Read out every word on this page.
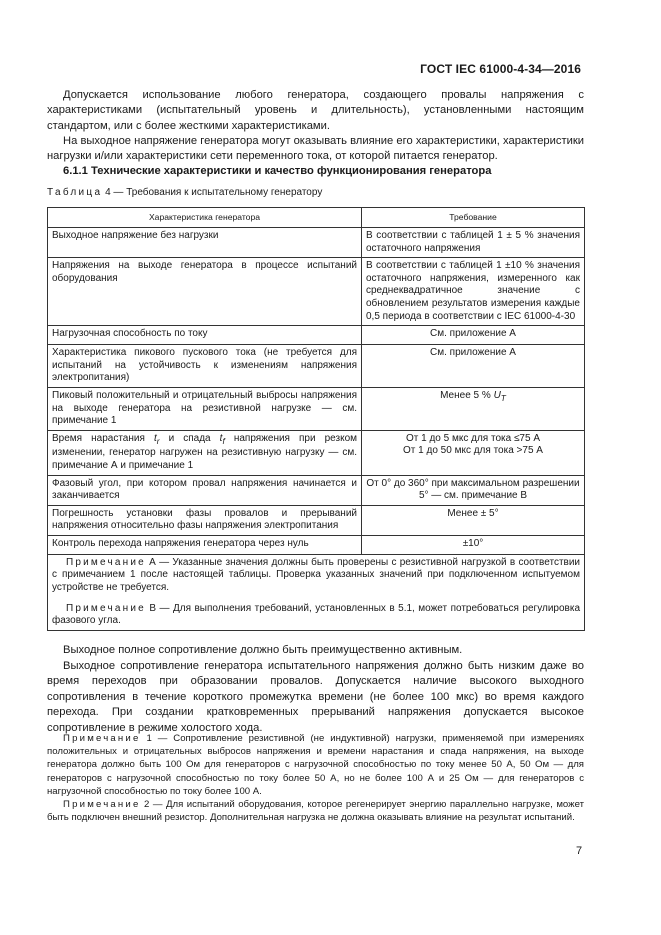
ГОСТ IEC 61000-4-34—2016

Допускается использование любого генератора, создающего провалы напряжения с характеристиками (испытательный уровень и длительность), установленными настоящим стандартом, или с более жесткими характеристиками.

На выходное напряжение генератора могут оказывать влияние его характеристики, характеристики нагрузки и/или характеристики сети переменного тока, от которой питается генератор.

6.1.1 Технические характеристики и качество функционирования генератора

Таблица 4 — Требования к испытательному генератору
Характеристика генератора	Требование
Выходное напряжение без нагрузки	В соответствии с таблицей 1 ± 5 % значения остаточного напряжения
Напряжения на выходе генератора в процессе испытаний оборудования	В соответствии с таблицей 1 ±10 % значения остаточного напряжения, измеренного как среднеквадратичное значение с обновлением результатов измерения каждые 0,5 периода в соответствии с IEC 61000-4-30
Нагрузочная способность по току	См. приложение А
Характеристика пикового пускового тока (не требуется для испытаний на устойчивость к изменениям напряжения электропитания)	См. приложение А
Пиковый положительный и отрицательный выбросы напряжения на выходе генератора на резистивной нагрузке — см. примечание 1	Менее 5 % $U_T$
Время нарастания $t_r$ и спада $t_f$ напряжения при резком изменении, генератор нагружен на резистивную нагрузку — см. примечание А и примечание 1	От 1 до 5 мкс для тока ≤75 А
От 1 до 50 мкс для тока >75 А

Фазовый угол, при котором провал напряжения начинается и заканчивается	От 0° до 360° при максимальном разрешении 5° — см. примечание В
Погрешность установки фазы провалов и прерываний напряжения относительно фазы напряжения электропитания	Менее ± 5°
Контроль перехода напряжения генератора через нуль	±10°

Примечание А — Указанные значения должны быть проверены с резистивной нагрузкой в соответствии с примечанием 1 после настоящей таблицы. Проверка указанных значений при подключенном испытуемом устройстве не требуется.
Примечание В — Для выполнения требований, установленных в 5.1, может потребоваться регулировка фазового угла.	

Выходное полное сопротивление должно быть преимущественно активным.

Выходное сопротивление генератора испытательного напряжения должно быть низким даже во время переходов при образовании провалов. Допускается наличие высокого выходного сопротивления в течение короткого промежутка времени (не более 100 мкс) во время каждого перехода. При создании кратковременных прерываний напряжения допускается высокое сопротивление в режиме холостого хода.

Примечание 1 — Сопротивление резистивной (не индуктивной) нагрузки, применяемой при измерениях положительных и отрицательных выбросов напряжения и времени нарастания и спада напряжения, на выходе генератора должно быть 100 Ом для генераторов с нагрузочной способностью по току менее 50 А, 50 Ом — для генераторов с нагрузочной способностью по току более 50 А, но не более 100 А и 25 Ом — для генераторов с нагрузочной способностью по току более 100 А.
Примечание 2 — Для испытаний оборудования, которое регенерирует энергию параллельно нагрузке, может быть подключен внешний резистор. Дополнительная нагрузка не должна оказывать влияние на результат испытаний.
7
